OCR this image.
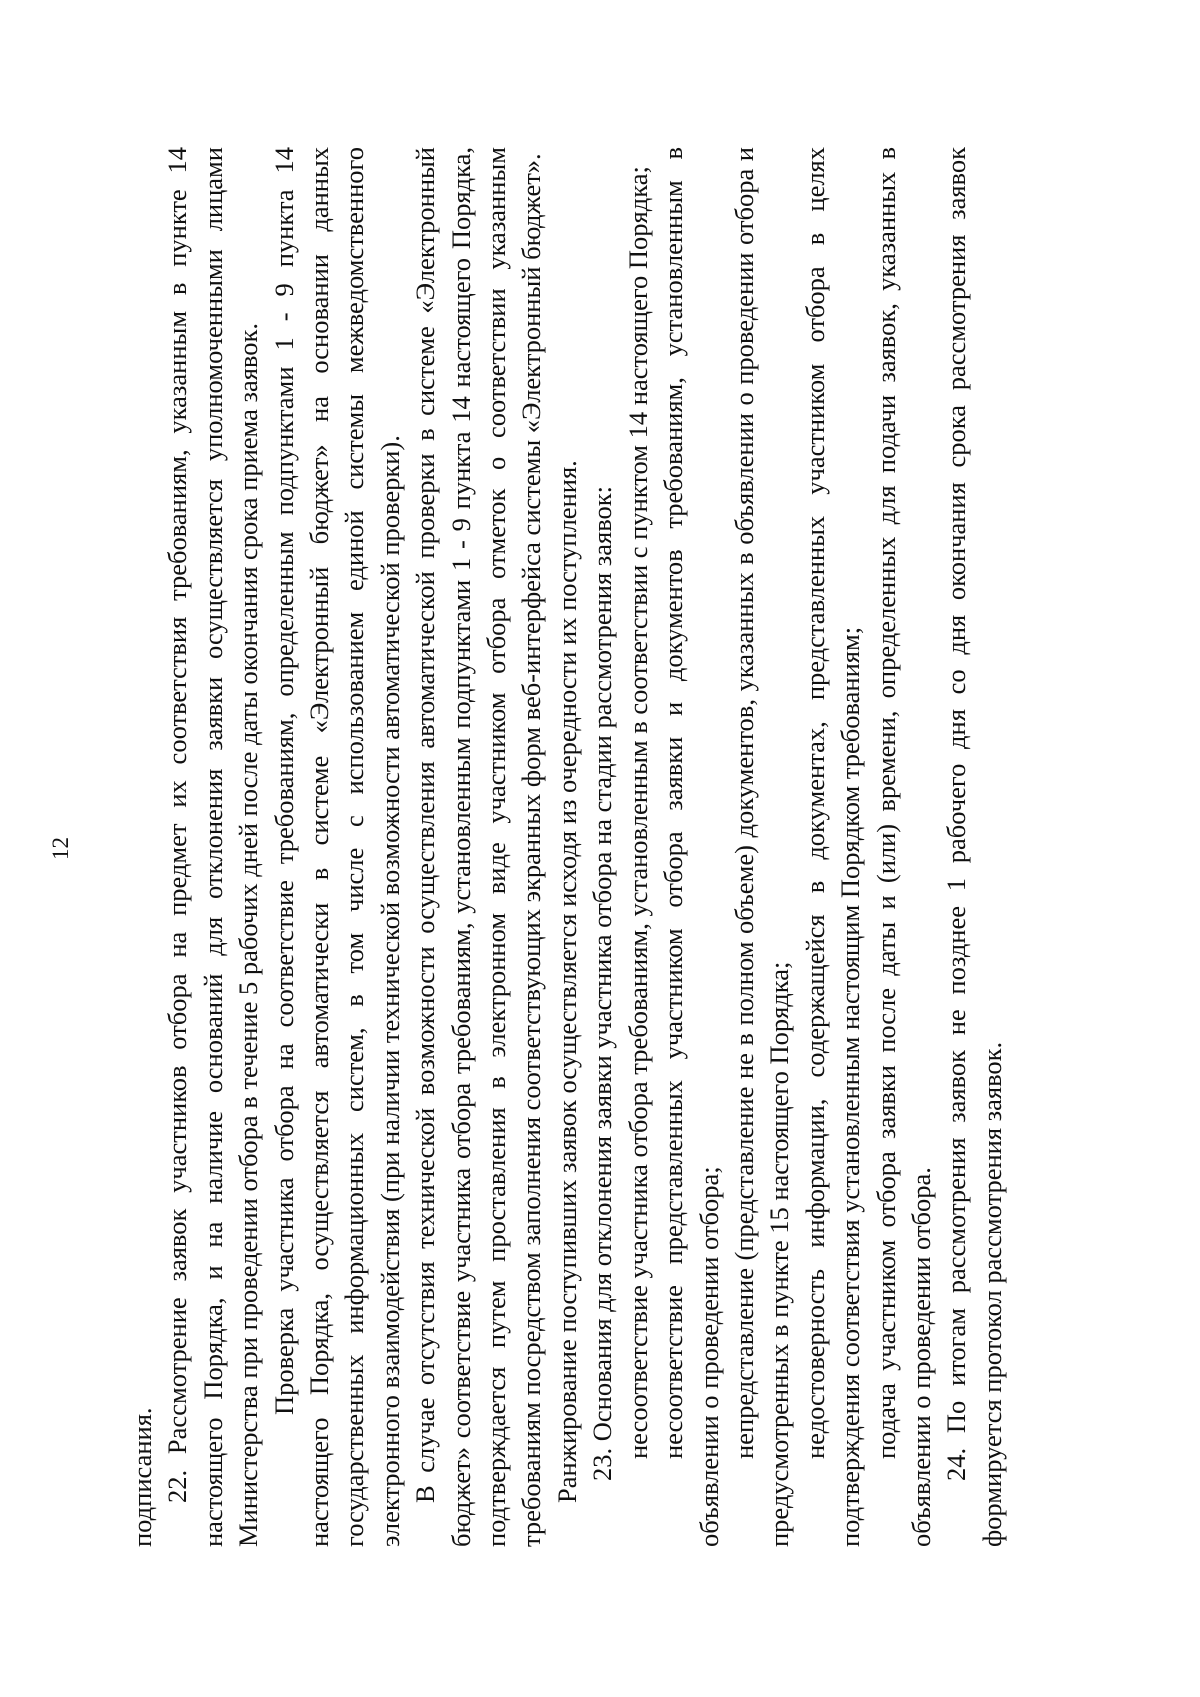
12

подписания. 22. Рассмотрение заявок участников отбора на предмет их соответствия требованиям, указанным в пункте 14 настоящего Порядка, и на наличие оснований для отклонения заявки осуществляется уполномоченными лицами Министерства при проведении отбора в течение 5 рабочих дней после даты окончания срока приема заявок. Проверка участника отбора на соответствие требованиям, определенным подпунктами 1 - 9 пункта 14 настоящего Порядка, осуществляется автоматически в системе «Электронный бюджет» на основании данных государственных информационных систем, в том числе с использованием единой системы межведомственного электронного взаимодействия (при наличии технической возможности автоматической проверки). В случае отсутствия технической возможности осуществления автоматической проверки в системе «Электронный бюджет» соответствие участника отбора требованиям, установленным подпунктами 1 - 9 пункта 14 настоящего Порядка, подтверждается путем проставления в электронном виде участником отбора отметок о соответствии указанным требованиям посредством заполнения соответствующих экранных форм веб-интерфейса системы «Электронный бюджет». Ранжирование поступивших заявок осуществляется исходя из очередности их поступления. 23. Основания для отклонения заявки участника отбора на стадии рассмотрения заявок: несоответствие участника отбора требованиям, установленным в соответствии с пунктом 14 настоящего Порядка; несоответствие представленных участником отбора заявки и документов требованиям, установленным в объявлении о проведении отбора; непредставление (представление не в полном объеме) документов, указанных в объявлении о проведении отбора и предусмотренных в пункте 15 настоящего Порядка; недостоверность информации, содержащейся в документах, представленных участником отбора в целях подтверждения соответствия установленным настоящим Порядком требованиям; подача участником отбора заявки после даты и (или) времени, определенных для подачи заявок, указанных в объявлении о проведении отбора. 24. По итогам рассмотрения заявок не позднее 1 рабочего дня со дня окончания срока рассмотрения заявок формируется протокол рассмотрения заявок.
